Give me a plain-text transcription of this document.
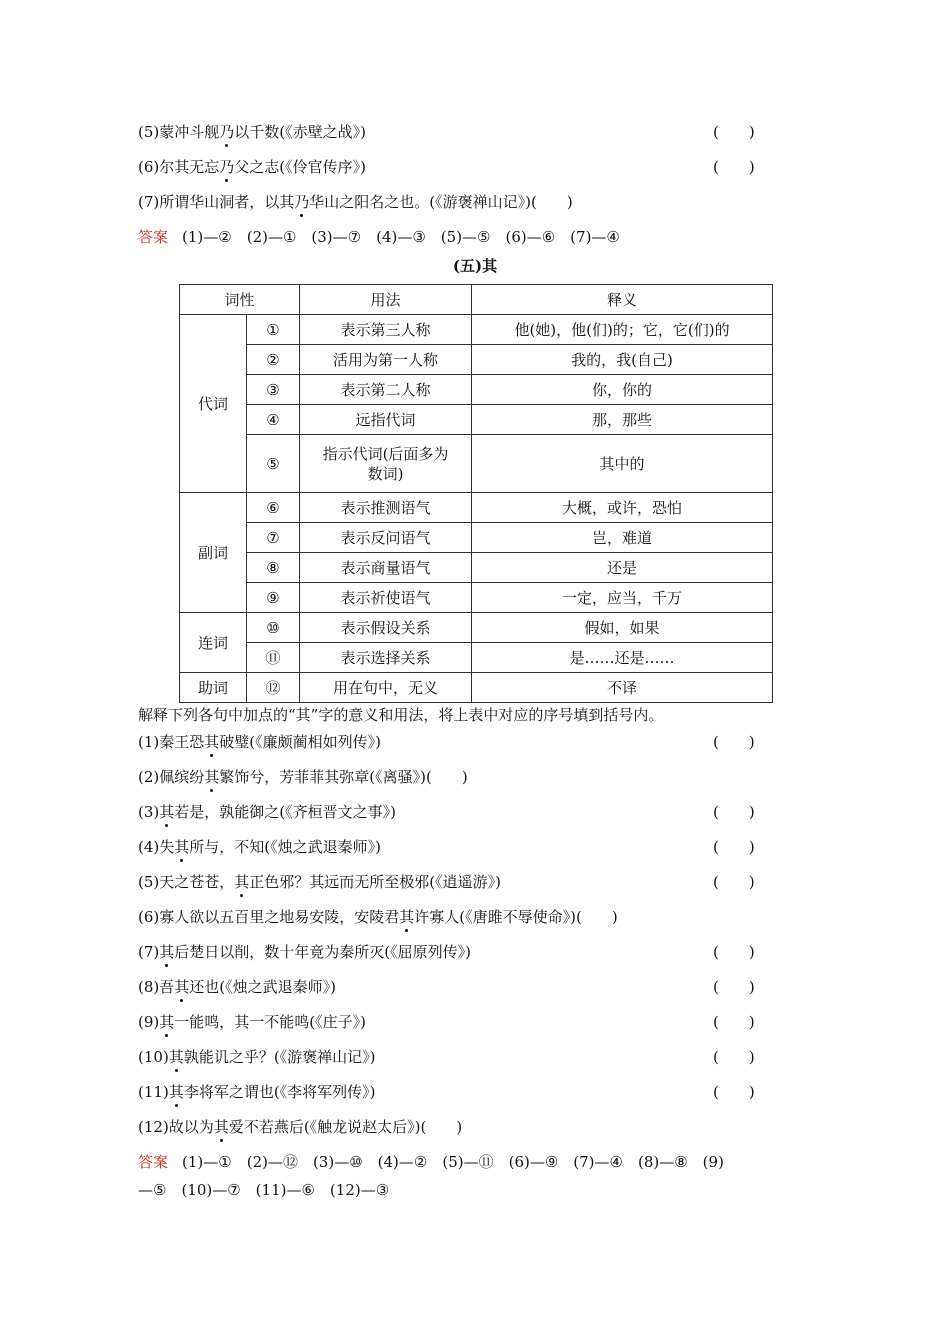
(5)蒙冲斗舰乃以千数(《赤壁之战》)	(　　)
(6)尔其无忘乃父之志(《伶官传序》)	(　　)
(7)所谓华山洞者，以其乃华山之阳名之也。(《游褒禅山记》)(　　)
答案 (1)—②　(2)—①　(3)—⑦　(4)—③　(5)—⑤　(6)—⑥　(7)—④
(五)其
词性		用法	释义
代词	①	表示第三人称	他(她)，他(们)的；它，它(们)的
	②	活用为第一人称	我的，我(自己)
	③	表示第二人称	你，你的
	④	远指代词	那，那些
	⑤	指示代词(后面多为数词)	其中的
副词	⑥	表示推测语气	大概，或许，恐怕
	⑦	表示反问语气	岂，难道
	⑧	表示商量语气	还是
	⑨	表示祈使语气	一定，应当，千万
连词	⑩	表示假设关系	假如，如果
	⑪	表示选择关系	是……还是……
助词	⑫	用在句中，无义	不译
解释下列各句中加点的“其”字的意义和用法，将上表中对应的序号填到括号内。
(1)秦王恐其破璧(《廉颇蔺相如列传》)	(　　)
(2)佩缤纷其繁饰兮，芳菲菲其弥章(《离骚》)(　　)
(3)其若是，孰能御之(《齐桓晋文之事》)	(　　)
(4)失其所与，不知(《烛之武退秦师》)	(　　)
(5)天之苍苍，其正色邪？其远而无所至极邪(《逍遥游》)	(　　)
(6)寡人欲以五百里之地易安陵，安陵君其许寡人(《唐雎不辱使命》)(　　)
(7)其后楚日以削，数十年竟为秦所灭(《屈原列传》)	(　　)
(8)吾其还也(《烛之武退秦师》)	(　　)
(9)其一能鸣，其一不能鸣(《庄子》)	(　　)
(10)其孰能讥之乎？(《游褒禅山记》)	(　　)
(11)其李将军之谓也(《李将军列传》)	(　　)
(12)故以为其爱不若燕后(《触龙说赵太后》)(　　)
答案 (1)—①　(2)—⑫　(3)—⑩　(4)—②　(5)—⑪　(6)—⑨　(7)—④　(8)—⑧　(9)
—⑤　(10)—⑦　(11)—⑥　(12)—③
